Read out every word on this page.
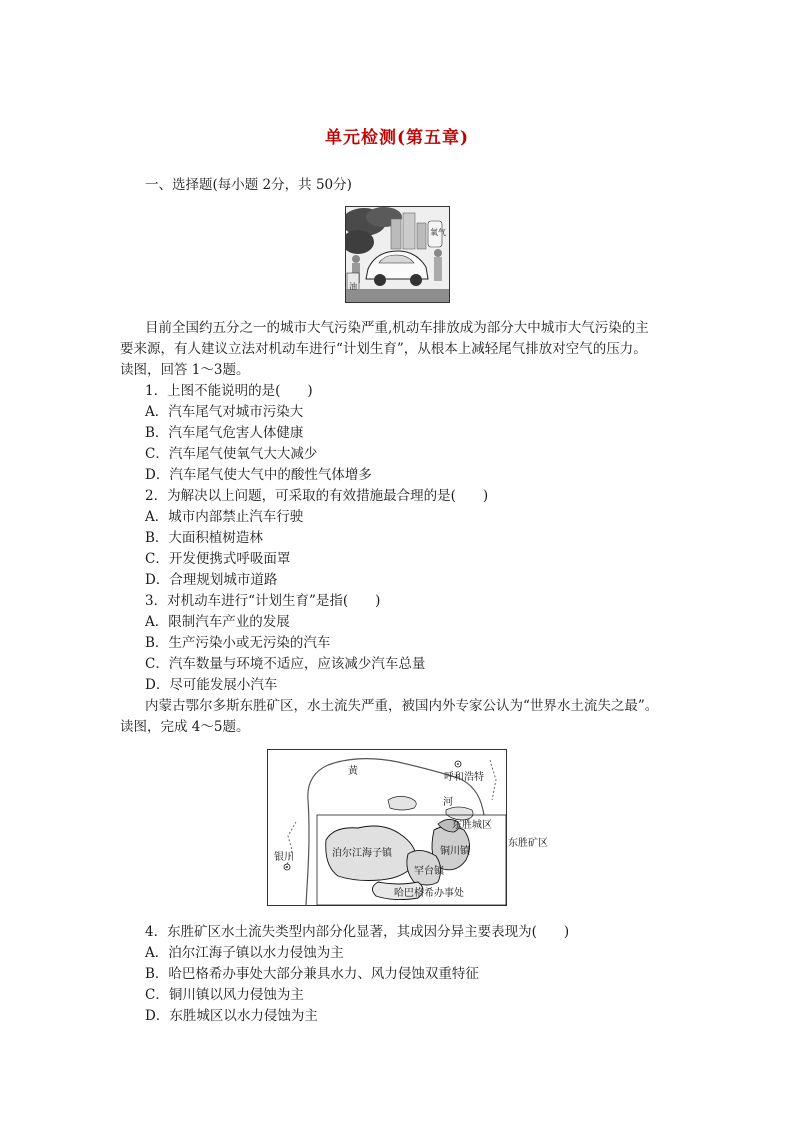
单元检测(第五章)
一、选择题(每小题 2分，共 50分)
氧气
油
目前全国约五分之一的城市大气污染严重,机动车排放成为部分大中城市大气污染的主
要来源，有人建议立法对机动车进行“计划生育”，从根本上减轻尾气排放对空气的压力。
读图，回答 1～3题。
1．上图不能说明的是(　　)
A．汽车尾气对城市污染大
B．汽车尾气危害人体健康
C．汽车尾气使氧气大大减少
D．汽车尾气使大气中的酸性气体增多
2．为解决以上问题，可采取的有效措施最合理的是(　　)
A．城市内部禁止汽车行驶
B．大面积植树造林
C．开发便携式呼吸面罩
D．合理规划城市道路
3．对机动车进行“计划生育”是指(　　)
A．限制汽车产业的发展
B．生产污染小或无污染的汽车
C．汽车数量与环境不适应，应该减少汽车总量
D．尽可能发展小汽车
内蒙古鄂尔多斯东胜矿区，水土流失严重，被国内外专家公认为“世界水土流失之最”。
读图，完成 4～5题。
黄
河
呼和浩特
银川
东胜城区
东胜矿区
泊尔江海子镇	铜川镇
罕台镇
哈巴格希办事处
4．东胜矿区水土流失类型内部分化显著，其成因分异主要表现为(　　)
A．泊尔江海子镇以水力侵蚀为主
B．哈巴格希办事处大部分兼具水力、风力侵蚀双重特征
C．铜川镇以风力侵蚀为主
D．东胜城区以水力侵蚀为主
